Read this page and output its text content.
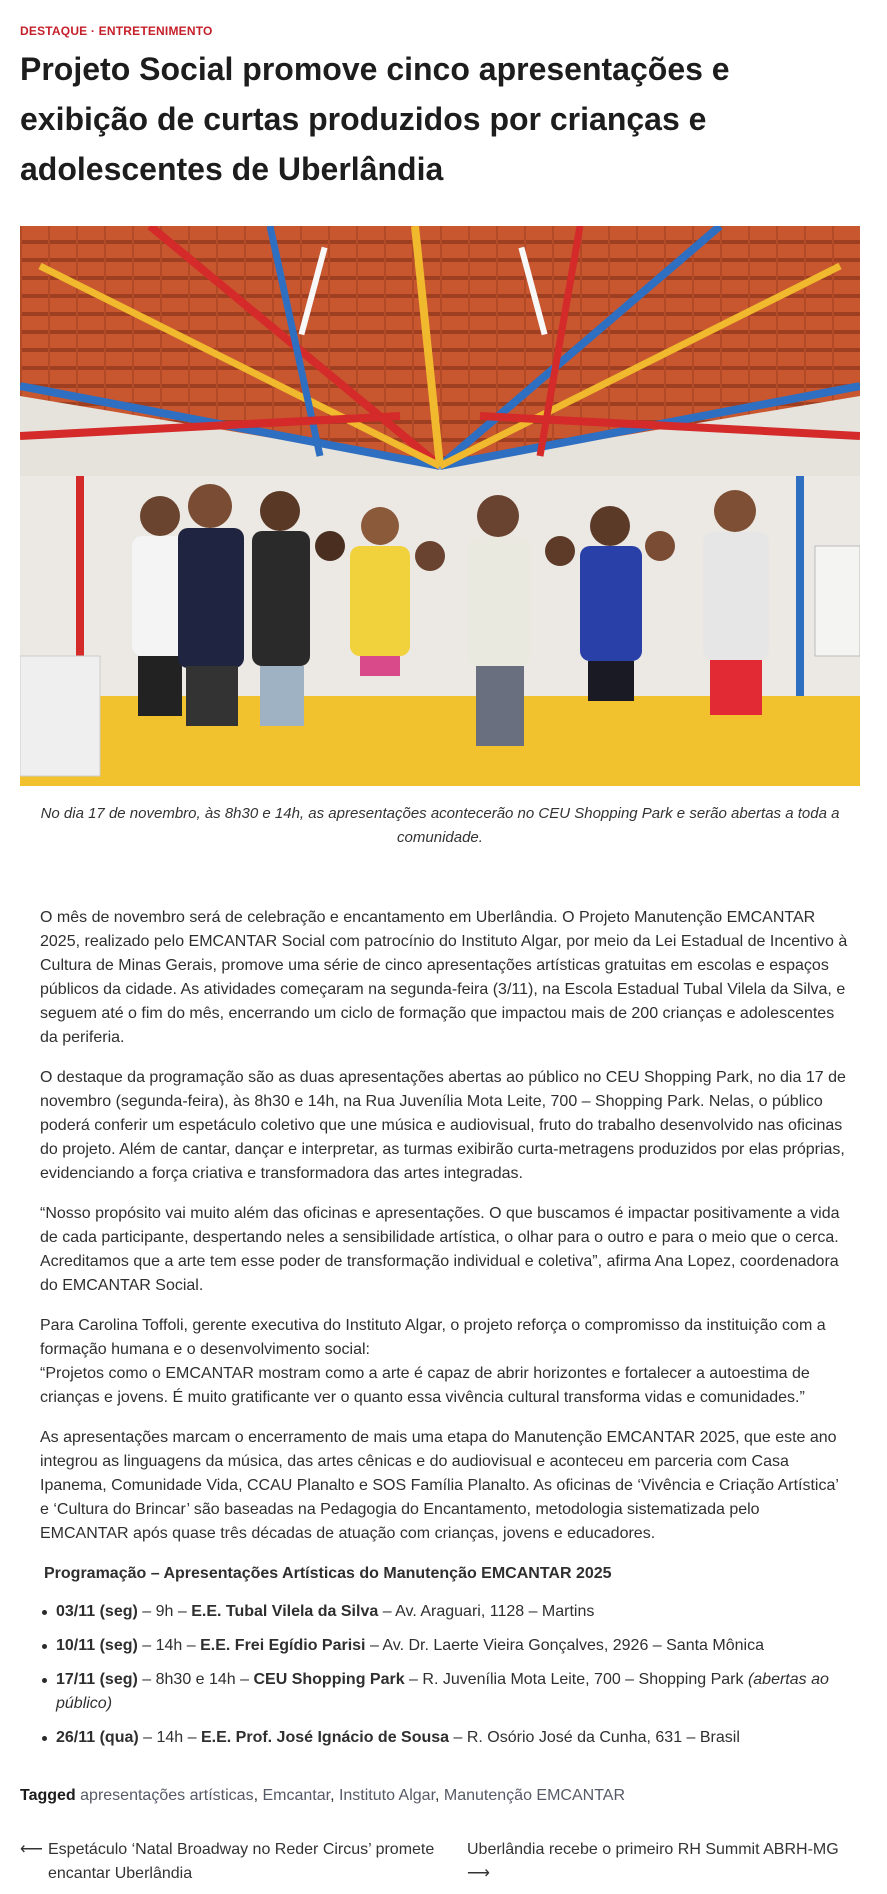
DESTAQUE · ENTRETENIMENTO
Projeto Social promove cinco apresentações e exibição de curtas produzidos por crianças e adolescentes de Uberlândia

No dia 17 de novembro, às 8h30 e 14h, as apresentações acontecerão no CEU Shopping Park e serão abertas a toda a comunidade.

O mês de novembro será de celebração e encantamento em Uberlândia. O Projeto Manutenção EMCANTAR 2025, realizado pelo EMCANTAR Social com patrocínio do Instituto Algar, por meio da Lei Estadual de Incentivo à Cultura de Minas Gerais, promove uma série de cinco apresentações artísticas gratuitas em escolas e espaços públicos da cidade. As atividades começaram na segunda-feira (3/11), na Escola Estadual Tubal Vilela da Silva, e seguem até o fim do mês, encerrando um ciclo de formação que impactou mais de 200 crianças e adolescentes da periferia.

O destaque da programação são as duas apresentações abertas ao público no CEU Shopping Park, no dia 17 de novembro (segunda-feira), às 8h30 e 14h, na Rua Juvenília Mota Leite, 700 – Shopping Park. Nelas, o público poderá conferir um espetáculo coletivo que une música e audiovisual, fruto do trabalho desenvolvido nas oficinas do projeto. Além de cantar, dançar e interpretar, as turmas exibirão curta-metragens produzidos por elas próprias, evidenciando a força criativa e transformadora das artes integradas.

“Nosso propósito vai muito além das oficinas e apresentações. O que buscamos é impactar positivamente a vida de cada participante, despertando neles a sensibilidade artística, o olhar para o outro e para o meio que o cerca. Acreditamos que a arte tem esse poder de transformação individual e coletiva”, afirma Ana Lopez, coordenadora do EMCANTAR Social.

Para Carolina Toffoli, gerente executiva do Instituto Algar, o projeto reforça o compromisso da instituição com a formação humana e o desenvolvimento social:
“Projetos como o EMCANTAR mostram como a arte é capaz de abrir horizontes e fortalecer a autoestima de crianças e jovens. É muito gratificante ver o quanto essa vivência cultural transforma vidas e comunidades.”

As apresentações marcam o encerramento de mais uma etapa do Manutenção EMCANTAR 2025, que este ano integrou as linguagens da música, das artes cênicas e do audiovisual e aconteceu em parceria com Casa Ipanema, Comunidade Vida, CCAU Planalto e SOS Família Planalto. As oficinas de ‘Vivência e Criação Artística’ e ‘Cultura do Brincar’ são baseadas na Pedagogia do Encantamento, metodologia sistematizada pelo EMCANTAR após quase três décadas de atuação com crianças, jovens e educadores.

Programação – Apresentações Artísticas do Manutenção EMCANTAR 2025
03/11 (seg) – 9h – E.E. Tubal Vilela da Silva – Av. Araguari, 1128 – Martins
10/11 (seg) – 14h – E.E. Frei Egídio Parisi – Av. Dr. Laerte Vieira Gonçalves, 2926 – Santa Mônica
17/11 (seg) – 8h30 e 14h – CEU Shopping Park – R. Juvenília Mota Leite, 700 – Shopping Park (abertas ao público)
26/11 (qua) – 14h – E.E. Prof. José Ignácio de Sousa – R. Osório José da Cunha, 631 – Brasil
Tagged apresentações artísticas, Emcantar, Instituto Algar, Manutenção EMCANTAR
⟵ Espetáculo ‘Natal Broadway no Reder Circus’ promete encantar Uberlândia
Uberlândia recebe o primeiro RH Summit ABRH-MG ⟶
